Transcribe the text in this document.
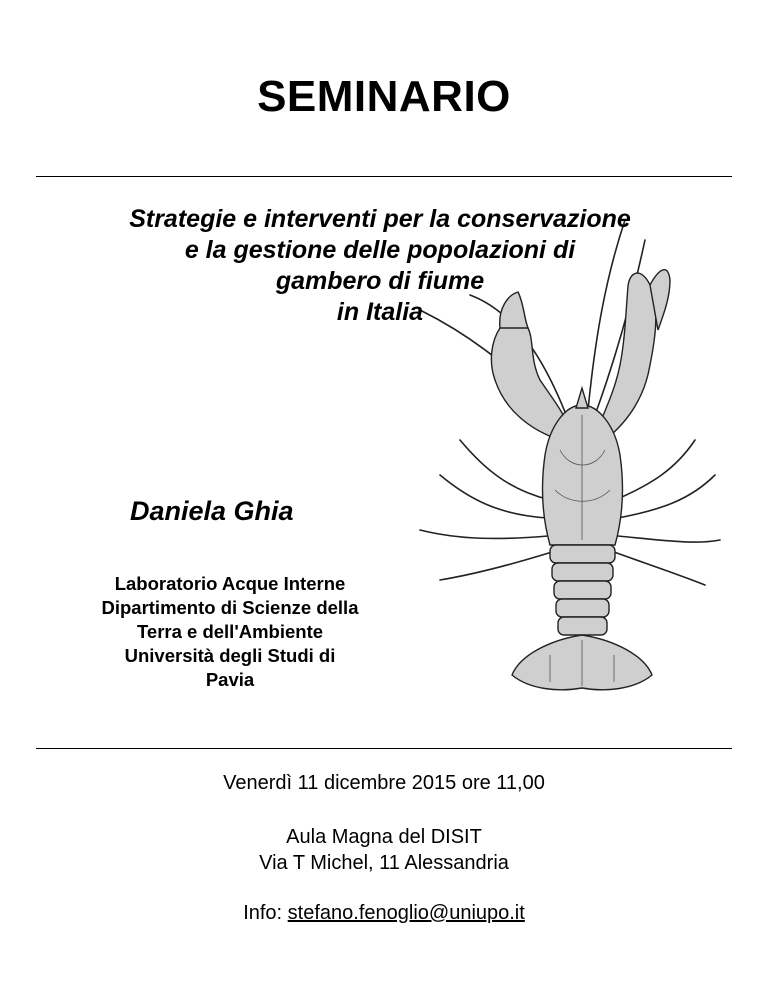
SEMINARIO
Strategie e interventi per la conservazione
e la gestione delle popolazioni di
gambero di fiume
in Italia
Daniela Ghia
Laboratorio Acque Interne
Dipartimento di Scienze della
Terra e dell'Ambiente
Università degli Studi di
Pavia
Venerdì 11 dicembre 2015 ore 11,00
Aula Magna del DISIT
Via T Michel, 11 Alessandria
Info: stefano.fenoglio@uniupo.it
